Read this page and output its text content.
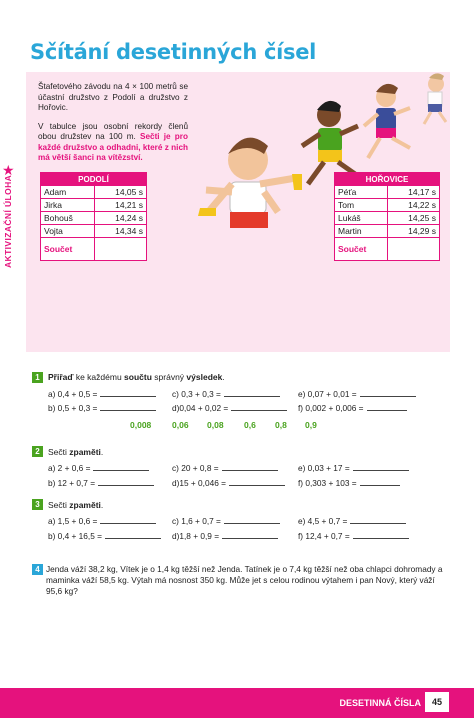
Sčítání desetinných čísel
AKTIVIZAČNÍ ÚLOHA
★

Štafetového závodu na 4 × 100 metrů se účastní družstvo z Podolí a družstvo z Hořovic.

V tabulce jsou osobní rekordy členů obou družstev na 100 m. Sečti je pro každé družstvo a odhadni, které z nich má větší šanci na vítězství.

PODOLÍ	
Adam	14,05 s
Jirka	14,21 s
Bohouš	14,24 s
Vojta	14,34 s
Součet	
HOŘOVICE	
Péťa	14,17 s
Tom	14,22 s
Lukáš	14,25 s
Martin	14,29 s
Součet	
1 Přiřaď ke každému součtu správný výsledek.
a) 0,4 + 0,5 =	c) 0,3 + 0,3 =	e) 0,07 + 0,01 =
b) 0,5 + 0,3 =	d)0,04 + 0,02 =	f) 0,002 + 0,006 =
0,008 0,06 0,08 0,6 0,8 0,9
2 Sečti zpaměti.
a) 2 + 0,6 =	c) 20 + 0,8 =	e) 0,03 + 17 =
b) 12 + 0,7 =	d)15 + 0,046 =	f) 0,303 + 103 =
3 Sečti zpaměti.
a) 1,5 + 0,6 =	c) 1,6 + 0,7 =	e) 4,5 + 0,7 =
b) 0,4 + 16,5 =	d)1,8 + 0,9 =	f) 12,4 + 0,7 =
4 Jenda váží 38,2 kg, Vítek je o 1,4 kg těžší než Jenda. Tatínek je o 7,4 kg těžší než oba chlapci dohromady a maminka váží 58,5 kg. Výtah má nosnost 350 kg. Může jet s celou rodinou výtahem i pan Nový, který váží 95,6 kg?
DESETINNÁ ČÍSLA	45
